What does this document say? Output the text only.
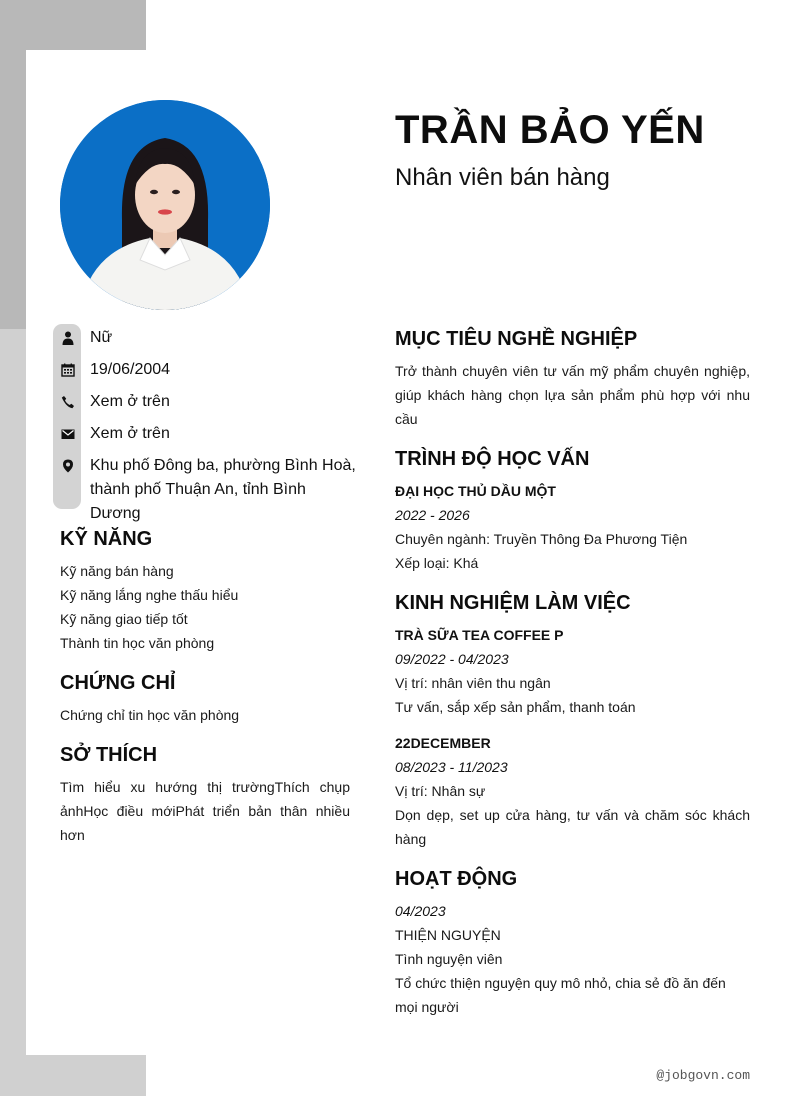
TRẦN BẢO YẾN
Nhân viên bán hàng
Nữ
19/06/2004
Xem ở trên
Xem ở trên
Khu phố Đông ba, phường Bình Hoà, thành phố Thuận An, tỉnh Bình Dương
KỸ NĂNG
Kỹ năng bán hàng
Kỹ năng lắng nghe thấu hiểu
Kỹ năng giao tiếp tốt
Thành tin học văn phòng
CHỨNG CHỈ
Chứng chỉ tin học văn phòng
SỞ THÍCH
Tìm hiểu xu hướng thị trườngThích chụp ảnhHọc điều mớiPhát triển bản thân nhiều hơn
MỤC TIÊU NGHỀ NGHIỆP
Trở thành chuyên viên tư vấn mỹ phẩm chuyên nghiệp, giúp khách hàng chọn lựa sản phẩm phù hợp với nhu cầu
TRÌNH ĐỘ HỌC VẤN
ĐẠI HỌC THỦ DẦU MỘT
2022 - 2026
Chuyên ngành: Truyền Thông Đa Phương Tiện
Xếp loại: Khá
KINH NGHIỆM LÀM VIỆC
TRÀ SỮA TEA COFFEE P
09/2022 - 04/2023
Vị trí: nhân viên thu ngân
Tư vấn, sắp xếp sản phẩm, thanh toán
22DECEMBER
08/2023 - 11/2023
Vị trí: Nhân sự
Dọn dẹp, set up cửa hàng, tư vấn và chăm sóc khách hàng
HOẠT ĐỘNG
04/2023
THIỆN NGUYỆN
Tình nguyện viên
Tổ chức thiện nguyện quy mô nhỏ, chia sẻ đồ ăn đến mọi người
@jobgovn.com
